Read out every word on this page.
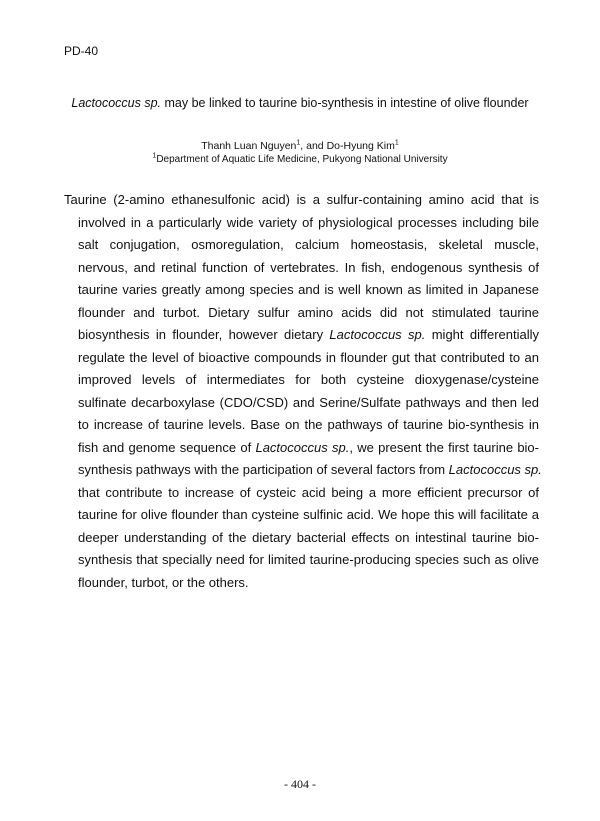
PD-40
Lactococcus sp. may be linked to taurine bio-synthesis in intestine of olive flounder
Thanh Luan Nguyen$^1$, and Do-Hyung Kim$^1$
$^1$Department of Aquatic Life Medicine, Pukyong National University
Taurine (2-amino ethanesulfonic acid) is a sulfur-containing amino acid that is
involved in a particularly wide variety of physiological processes including bile
salt conjugation, osmoregulation, calcium homeostasis, skeletal muscle,
nervous, and retinal function of vertebrates. In fish, endogenous synthesis of
taurine varies greatly among species and is well known as limited in Japanese
flounder and turbot. Dietary sulfur amino acids did not stimulated taurine
biosynthesis in flounder, however dietary Lactococcus sp. might differentially
regulate the level of bioactive compounds in flounder gut that contributed to an
improved levels of intermediates for both cysteine dioxygenase/cysteine
sulfinate decarboxylase (CDO/CSD) and Serine/Sulfate pathways and then led
to increase of taurine levels. Base on the pathways of taurine bio-synthesis in
fish and genome sequence of Lactococcus sp., we present the first taurine bio-
synthesis pathways with the participation of several factors from Lactococcus sp.
that contribute to increase of cysteic acid being a more efficient precursor of
taurine for olive flounder than cysteine sulfinic acid. We hope this will facilitate a
deeper understanding of the dietary bacterial effects on intestinal taurine bio-
synthesis that specially need for limited taurine-producing species such as olive
flounder, turbot, or the others.
- 404 -
